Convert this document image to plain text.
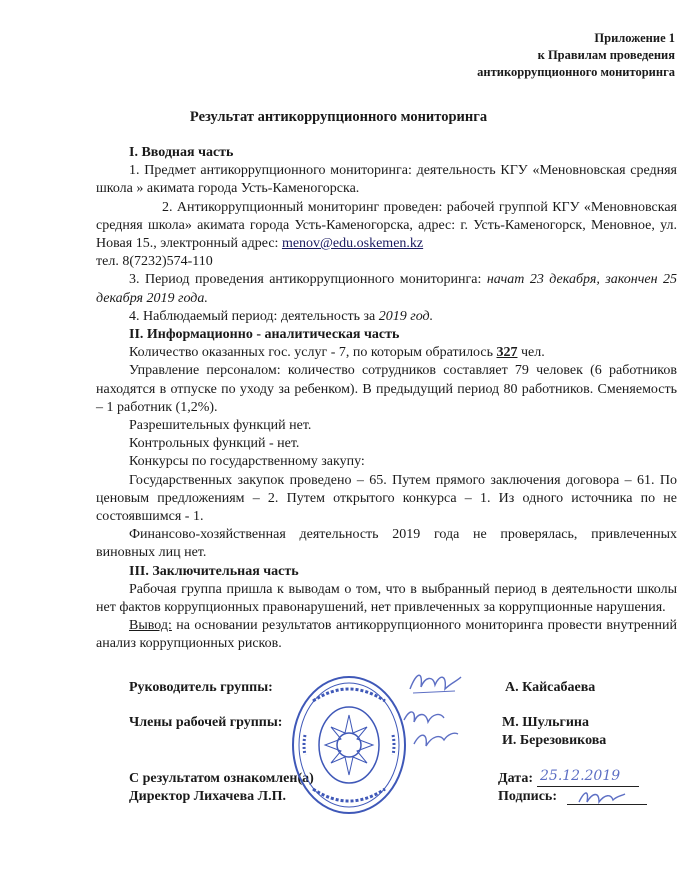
Приложение 1
к Правилам проведения
антикоррупционного мониторинга
Результат антикоррупционного мониторинга

I. Вводная часть

1. Предмет антикоррупционного мониторинга: деятельность КГУ «Меновновская средняя школа » акимата города Усть-Каменогорска.

2. Антикоррупционный мониторинг проведен: рабочей группой КГУ «Меновновская средняя школа» акимата города Усть-Каменогорска, адрес: г. Усть-Каменогорск, Меновное, ул. Новая 15., электронный адрес: menov@edu.oskemen.kz

тел. 8(7232)574-110

3. Период проведения антикоррупционного мониторинга: начат 23 декабря, закончен 25 декабря 2019 года.

4. Наблюдаемый период: деятельность за 2019 год.

II. Информационно - аналитическая часть

Количество оказанных гос. услуг - 7, по которым обратилось 327 чел.

Управление персоналом: количество сотрудников составляет 79 человек (6 работников находятся в отпуске по уходу за ребенком). В предыдущий период 80 работников. Сменяемость – 1 работник (1,2%).

Разрешительных функций нет.

Контрольных функций - нет.

Конкурсы по государственному закупу:

Государственных закупок проведено – 65. Путем прямого заключения договора – 61. По ценовым предложениям – 2. Путем открытого конкурса – 1. Из одного источника по не состоявшимся - 1.

Финансово-хозяйственная деятельность 2019 года не проверялась, привлеченных виновных лиц нет.

III. Заключительная часть

Рабочая группа пришла к выводам о том, что в выбранный период в деятельности школы нет фактов коррупционных правонарушений, нет привлеченных за коррупционные нарушения.

Вывод: на основании результатов антикоррупционного мониторинга провести внутренний анализ коррупционных рисков.

Руководитель группы:	А. Кайсабаева
Члены рабочей группы:	М. Шульгина
И. Березовикова
С результатом ознакомлен(а)
Директор Лихачева Л.П.
Дата:
Подпись:
25.12.2019
